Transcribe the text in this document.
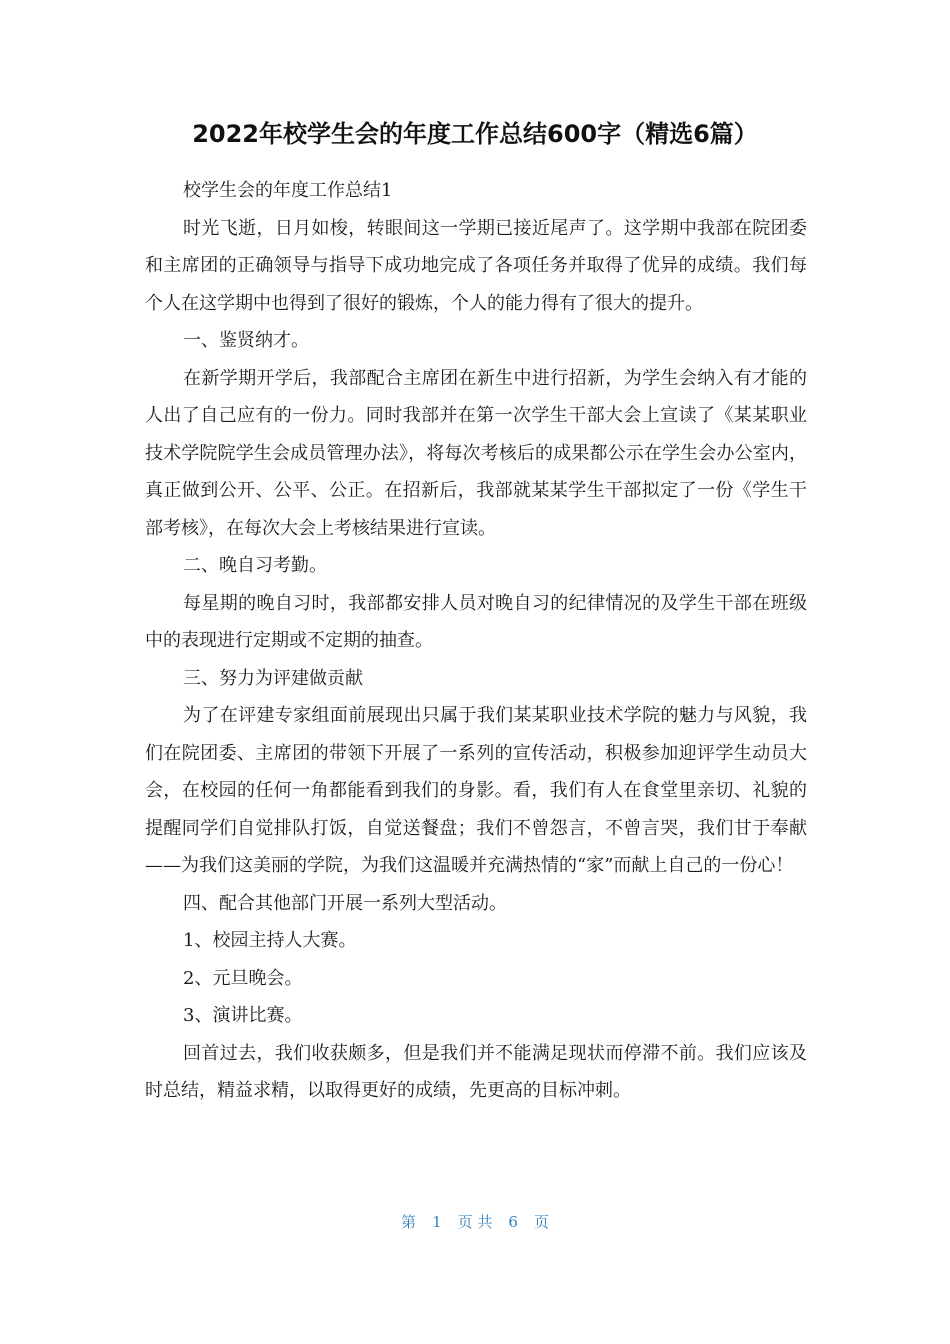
2022年校学生会的年度工作总结600字（精选6篇）

校学生会的年度工作总结1

时光飞逝，日月如梭，转眼间这一学期已接近尾声了。这学期中我部在院团委和主席团的正确领导与指导下成功地完成了各项任务并取得了优异的成绩。我们每个人在这学期中也得到了很好的锻炼，个人的能力得有了很大的提升。

一、鉴贤纳才。

在新学期开学后，我部配合主席团在新生中进行招新，为学生会纳入有才能的人出了自己应有的一份力。同时我部并在第一次学生干部大会上宣读了《某某职业技术学院院学生会成员管理办法》，将每次考核后的成果都公示在学生会办公室内，真正做到公开、公平、公正。在招新后，我部就某某学生干部拟定了一份《学生干部考核》，在每次大会上考核结果进行宣读。

二、晚自习考勤。

每星期的晚自习时，我部都安排人员对晚自习的纪律情况的及学生干部在班级中的表现进行定期或不定期的抽查。

三、努力为评建做贡献

为了在评建专家组面前展现出只属于我们某某职业技术学院的魅力与风貌，我们在院团委、主席团的带领下开展了一系列的宣传活动，积极参加迎评学生动员大会，在校园的任何一角都能看到我们的身影。看，我们有人在食堂里亲切、礼貌的提醒同学们自觉排队打饭，自觉送餐盘；我们不曾怨言，不曾言哭，我们甘于奉献——为我们这美丽的学院，为我们这温暖并充满热情的“家”而献上自己的一份心！

四、配合其他部门开展一系列大型活动。

1、校园主持人大赛。

2、元旦晚会。

3、演讲比赛。

回首过去，我们收获颇多，但是我们并不能满足现状而停滞不前。我们应该及时总结，精益求精，以取得更好的成绩，先更高的目标冲刺。

第 1 页 共 6 页
